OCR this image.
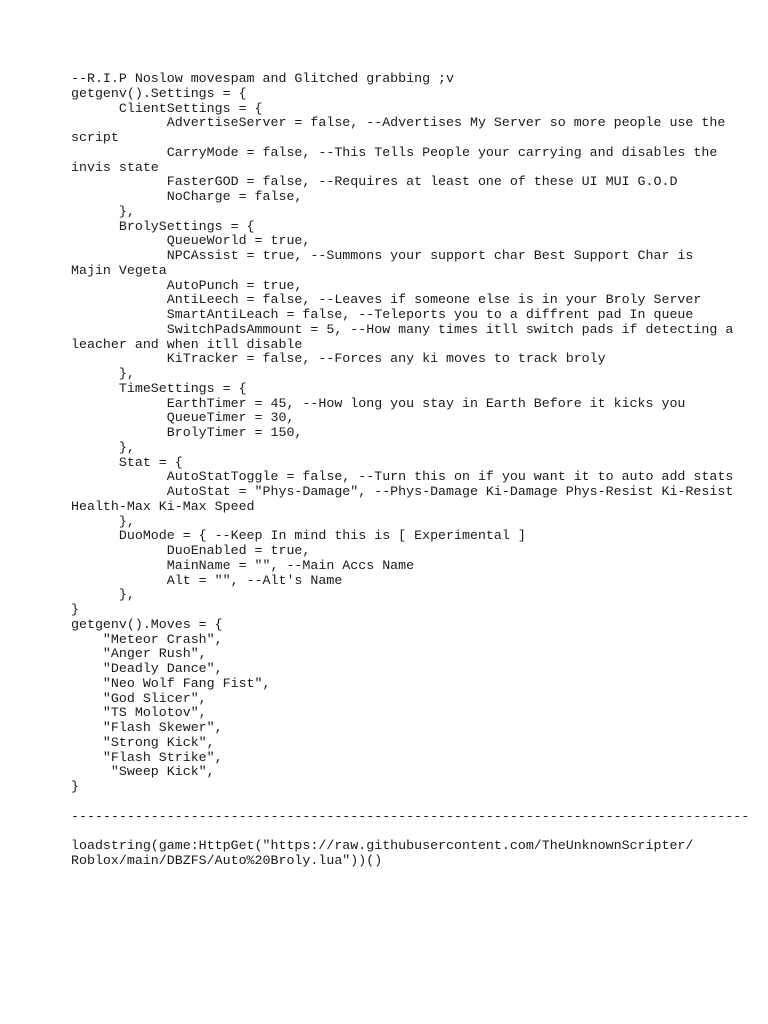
--R.I.P Noslow movespam and Glitched grabbing ;v
getgenv().Settings = {
ClientSettings = {
AdvertiseServer = false, --Advertises My Server so more people use the
script
CarryMode = false, --This Tells People your carrying and disables the
invis state
FasterGOD = false, --Requires at least one of these UI MUI G.O.D
NoCharge = false,
},
BrolySettings = {
QueueWorld = true,
NPCAssist = true, --Summons your support char Best Support Char is
Majin Vegeta
AutoPunch = true,
AntiLeech = false, --Leaves if someone else is in your Broly Server
SmartAntiLeach = false, --Teleports you to a diffrent pad In queue
SwitchPadsAmmount = 5, --How many times itll switch pads if detecting a
leacher and when itll disable
KiTracker = false, --Forces any ki moves to track broly
},
TimeSettings = {
EarthTimer = 45, --How long you stay in Earth Before it kicks you
QueueTimer = 30,
BrolyTimer = 150,
},
Stat = {
AutoStatToggle = false, --Turn this on if you want it to auto add stats
AutoStat = "Phys-Damage", --Phys-Damage Ki-Damage Phys-Resist Ki-Resist
Health-Max Ki-Max Speed
},
DuoMode = { --Keep In mind this is [ Experimental ]
DuoEnabled = true,
MainName = "", --Main Accs Name
Alt = "", --Alt's Name
},
}
getgenv().Moves = {
"Meteor Crash",
"Anger Rush",
"Deadly Dance",
"Neo Wolf Fang Fist",
"God Slicer",
"TS Molotov",
"Flash Skewer",
"Strong Kick",
"Flash Strike",
"Sweep Kick",
}
-------------------------------------------------------------------------------------
loadstring(game:HttpGet("https://raw.githubusercontent.com/TheUnknownScripter/
Roblox/main/DBZFS/Auto%20Broly.lua"))()
